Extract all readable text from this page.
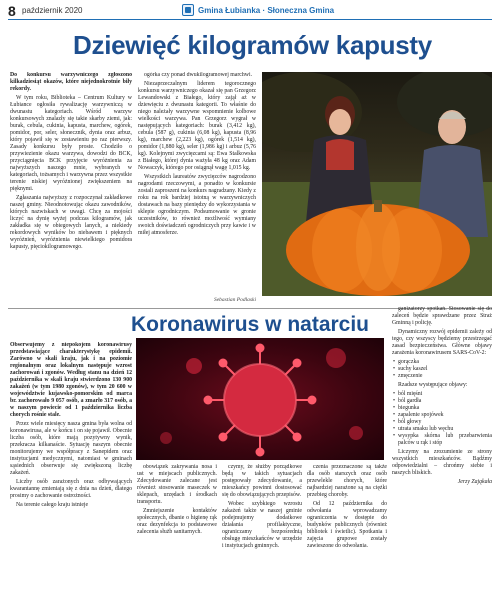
8 październik 2020	Gmina Łubianka · Słoneczna Gmina
Dziewięć kilogramów kapusty

Do konkursu warzywniczego zgłoszono kilkadziesiąt okazów, które niejednokrotnie biły rekordy.

W tym roku, Biblioteka – Centrum Kultury w Łubiance ogłosiła rywalizację warzywniczą w dwunastu kategoriach. Wśród warzyw konkursowych znalazły się takie skarby ziemi, jak: burak, cebula, cukinia, kapusta, marchew, ogórek, pomidor, por, seler, słonecznik, dynia oraz arbuz, który pojawił się w zestawieniu po raz pierwszy. Zasady konkursu były proste. Chodziło o przywiezienie okazu warzywa, dowodzi do BCK, przyciągnięcia BCK przyjęcie wyróżnienia za najwyższych naszego mnie, wybranych w kategoriach, tożsamych i warzywna przez wszystkie terenie niskiej wyróżnionej zwiększeniem na pięknymi.

Zgłaszania najwyższy z rozpoczynał zakładkowe naszej gminy. Nieodnotowując okazu zawodników, których nazwiskach w uwagi. Chcę za mojości liczyć na dynię wyżej podczas kilogramów, jak zakładka się w obiegowych lanych, a niekiedy rekordowych wyników bo niebawem i pięknych wyróżnień, wyróżnienia niewielkiego pomidora kapusty, pięciokilogramowego.

ogórka czy ponad dwukilogramowej marchwi.

Niezaprzeczalnym liderem tegorocznego konkursu warzywniczego okazał się pan Grzegorz Lewandowski z Białego, który zajął aż w dziewięciu z dwunastu kategorii. To właśnie do niego należały warzywne wspomnienie kolbowe wielkości warzywa. Pan Grzegorz wygrał w następujących kategoriach: burak (3,412 kg), cebula (587 g), cukinia (6,08 kg), kapusta (8,96 kg), marchew (2,223 kg), ogórek (1,514 kg), pomidor (1,880 kg), seler (1,986 kg) i arbuz (5,76 kg). Kolejnymi zwycięzcami są: Ewa Stalkowska z Białego, której dynia ważyła 48 kg oraz Adam Nowaczyk, którego por osiągnął wagę 1,015 kg.

Wszystkich laureatów zwycięzców nagrodzono nagrodami rzeczowymi, a ponadto w konkursie zostali zaproszeni na konkurs nagradzany. Kiedy z roku na rok bardziej istotną w warzywniczych dostawach na bazy pieniędzy do wykorzystania w sklepie ogrodniczym. Podsumowanie w gronie uczestników, to również możliwość wymiany swoich doświadczeń ogrodniczych przy kawie i w miłej atmosferze.

Sebastian Podlaski
Koronawirus w natarciu

Obserwujemy z niepokojem koronawirusy przedstawiające charakterystykę epidemii. Zarówno w skali kraju, jak i na poziomie regionalnym oraz lokalnym następuje wzrost zachorowań i zgonów. Według stanu na dzień 12 października w skali kraju stwierdzono 130 900 zakażeń (w tym 1980 zgonów), w tym 20 600 w województwie kujawsko-pomorskim od marca br. zachorowało 9 057 osób, a zmarło 317 osób, a w naszym powiecie od 1 października liczba chorych rośnie stale.

Przez wiele miesięcy nasza gmina była wolna od koronawirusa, ale w końcu i on się pojawił. Obecnie liczba osób, które mają pozytywny wynik, przekracza kilkanaście. Sytuację naszym obecnie monitorujemy we współpracy z Sanepidem oraz instytucjami medycznymi, natomiast w gminach sąsiednich obserwuje się zwiększoną liczbę zakażeń.

Liczby osób zarażonych oraz odbywających kwarantannę zmieniają się z dnia na dzień, dlatego prosimy o zachowanie ostrożności.

Na terenie całego kraju istnieje

obowiązek zakrywania nosa i ust w miejscach publicznych. Zdecydowanie zalecane jest również stosowanie maseczek w sklepach, urzędach i środkach transportu.

Zmniejszenie kontaktów społecznych, dbanie o higienę rąk oraz dezynfekcja to podstawowe zalecenia służb sanitarnych.

czymy, że służby porządkowe będą w takich sytuacjach postępowały zdecydowanie, a mieszkańcy powinni dostosować się do obowiązujących przepisów.

Wobec szybkiego wzrostu zakażeń także w naszej gminie podejmujemy dodatkowe działania profilaktyczne, ograniczamy bezpośrednią obsługę mieszkańców w urzędzie i instytucjach gminnych.

czenia przeznaczone są także dla osób starszych oraz osób przewlekle chorych, które najbardziej narażone są na ciężki przebieg choroby.

Od 12 października do odwołania wprowadzamy ograniczenia w dostępie do budynków publicznych (również bibliotek i świetlic). Spotkania i zajęcia grupowe zostały zawieszone do odwołania.

ganizatorzy spotkań. Stosowanie się do zaleceń będzie sprawdzane przez Straż Gminną i policję.

Dynamiczny rozwój epidemii zależy od tego, czy wszyscy będziemy przestrzegać zasad bezpieczeństwa. Główne objawy zarażenia koronawirusem SARS-CoV-2:

• gorączka
• suchy kaszel
• zmęczenie

Rzadsze występujące objawy:

• ból mięśni
• ból gardła
• biegunka
• zapalenie spojówek
• ból głowy
• utrata smaku lub węchu
• wysypka skórna lub przebarwienia palców u rąk i stóp

Liczymy na zrozumienie ze strony wszystkich mieszkańców. Bądźmy odpowiedzialni – chrońmy siebie i naszych bliskich.

Jerzy Zająkała
